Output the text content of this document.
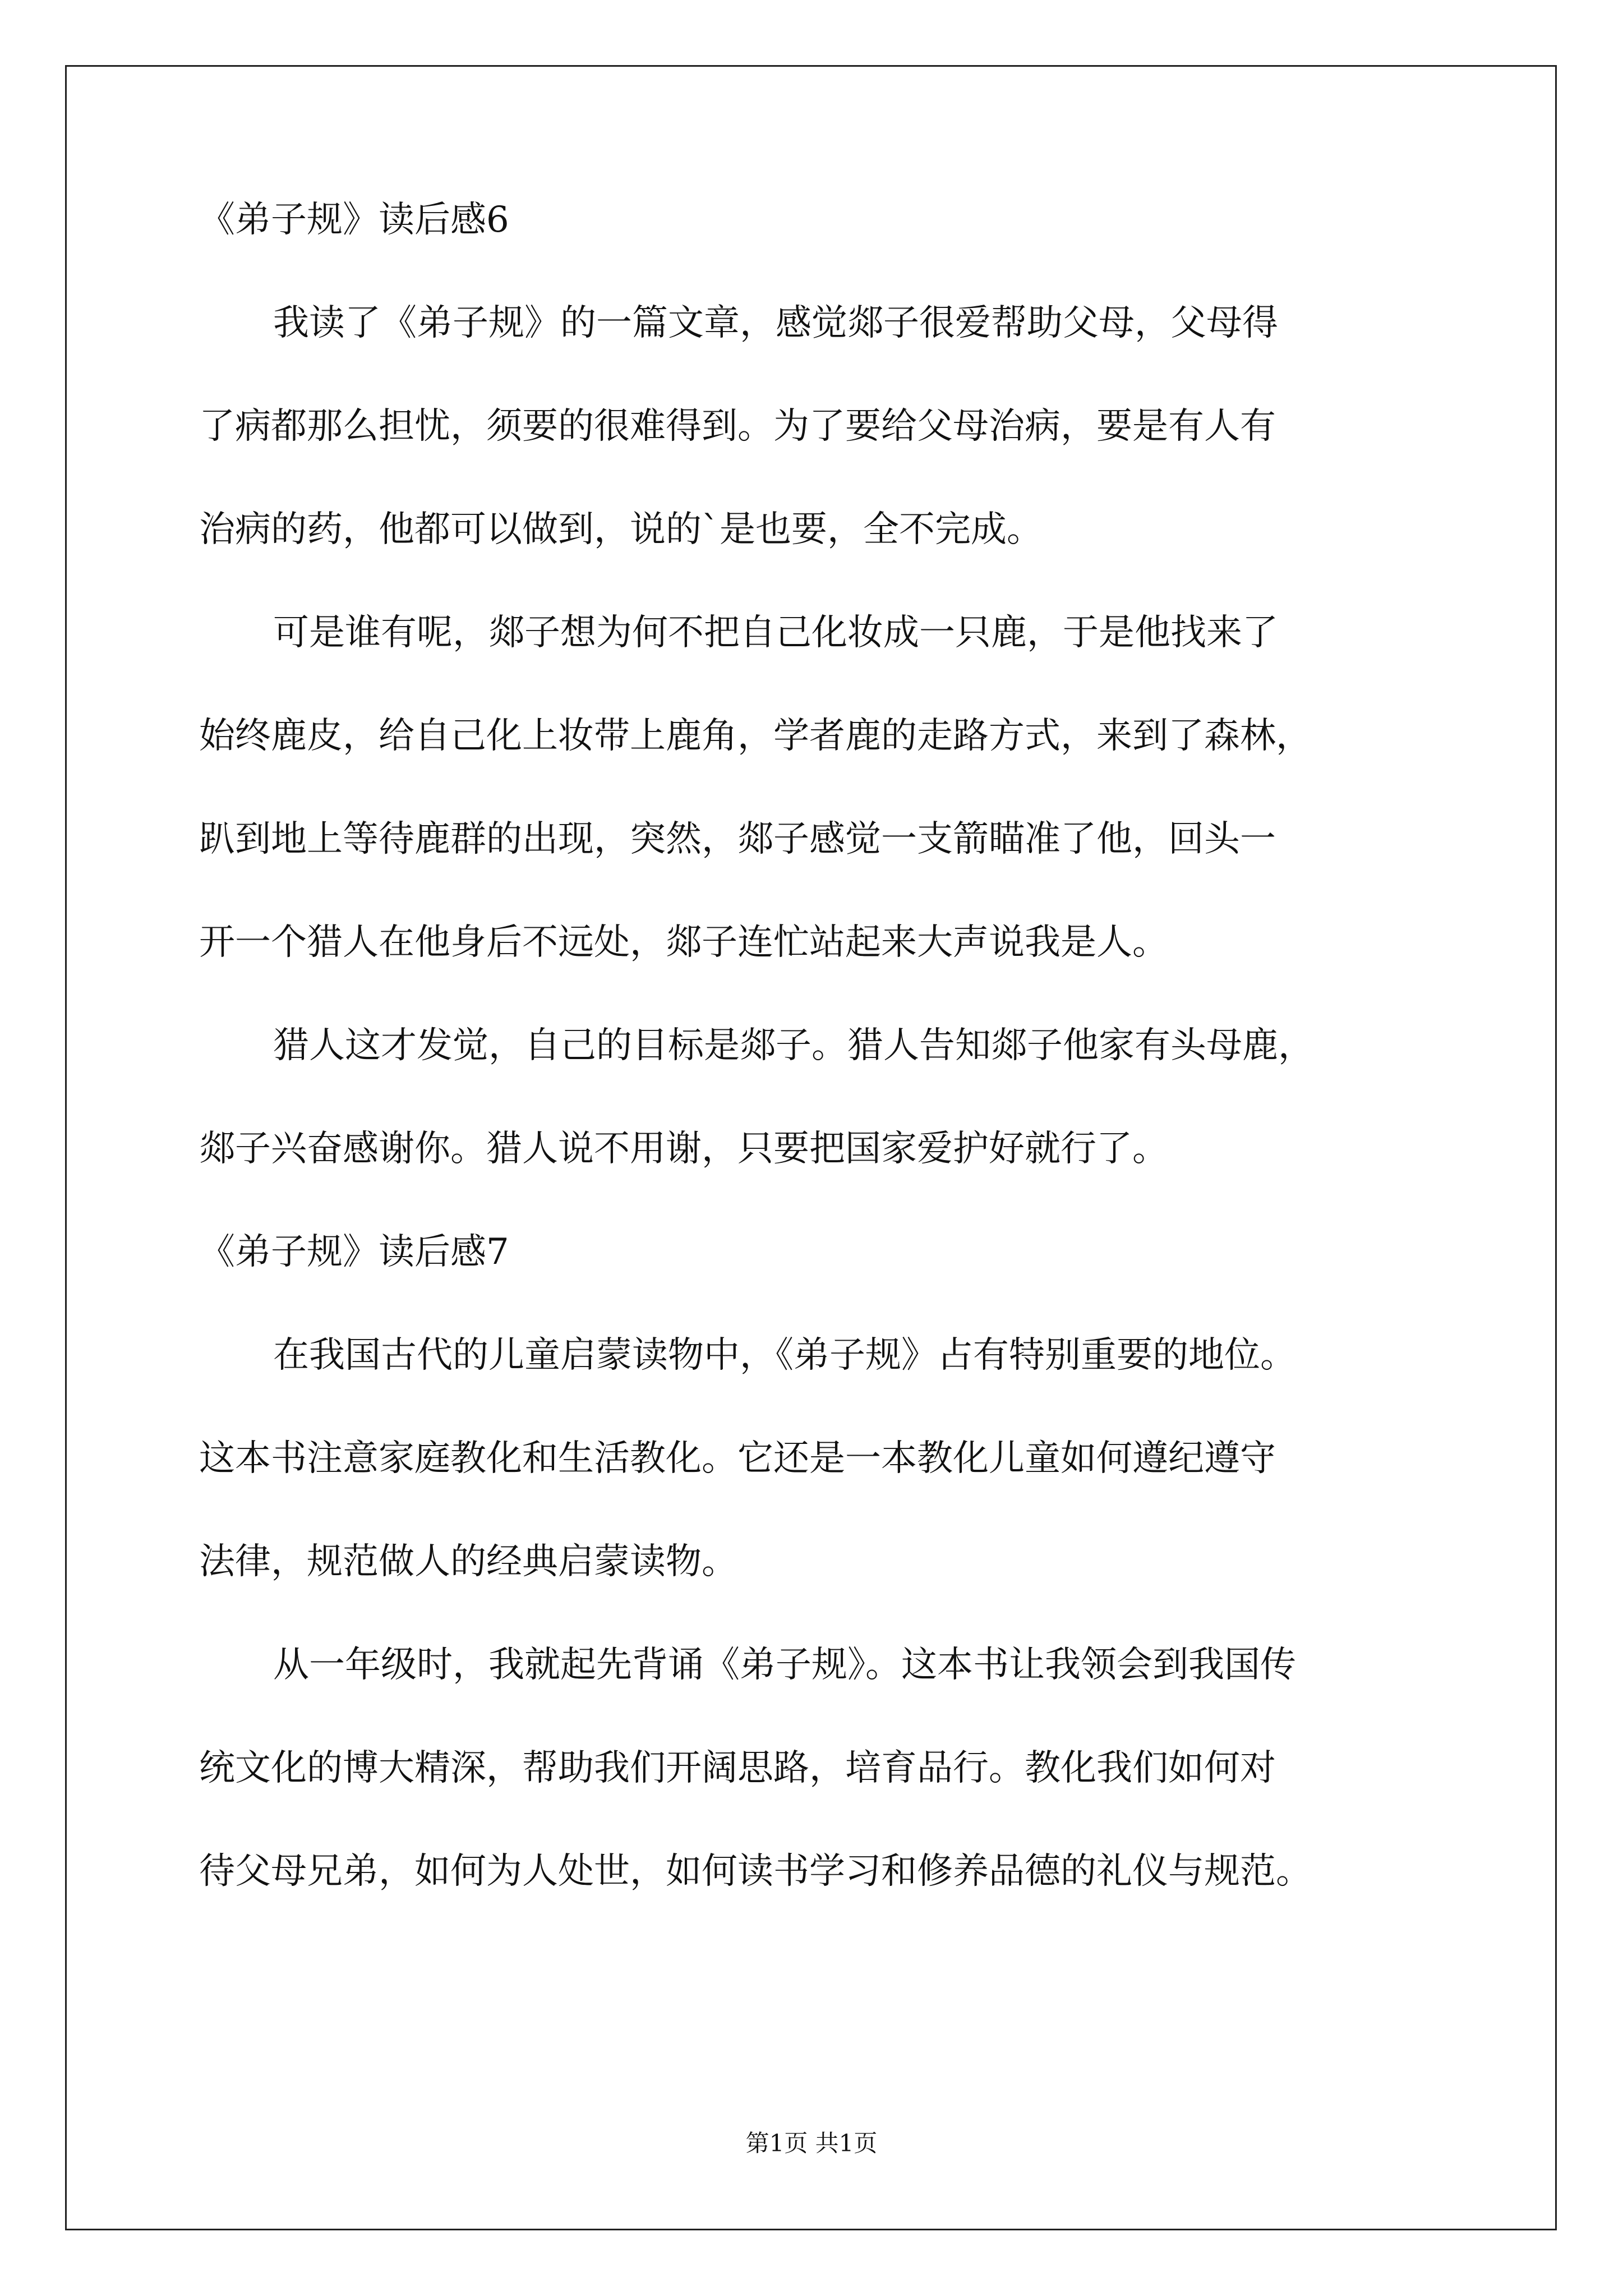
《弟子规》读后感6
我读了《弟子规》的一篇文章，感觉郯子很爱帮助父母，父母得
了病都那么担忧，须要的很难得到。为了要给父母治病，要是有人有
治病的药，他都可以做到，说的`是也要，全不完成。
可是谁有呢，郯子想为何不把自己化妆成一只鹿，于是他找来了
始终鹿皮，给自己化上妆带上鹿角，学者鹿的走路方式，来到了森林，
趴到地上等待鹿群的出现，突然，郯子感觉一支箭瞄准了他，回头一
开一个猎人在他身后不远处，郯子连忙站起来大声说我是人。
猎人这才发觉，自己的目标是郯子。猎人告知郯子他家有头母鹿，
郯子兴奋感谢你。猎人说不用谢，只要把国家爱护好就行了。
《弟子规》读后感7
在我国古代的儿童启蒙读物中，《弟子规》占有特别重要的地位。
这本书注意家庭教化和生活教化。它还是一本教化儿童如何遵纪遵守
法律，规范做人的经典启蒙读物。
从一年级时，我就起先背诵《弟子规》。这本书让我领会到我国传
统文化的博大精深，帮助我们开阔思路，培育品行。教化我们如何对
待父母兄弟，如何为人处世，如何读书学习和修养品德的礼仪与规范。
第1页 共1页
